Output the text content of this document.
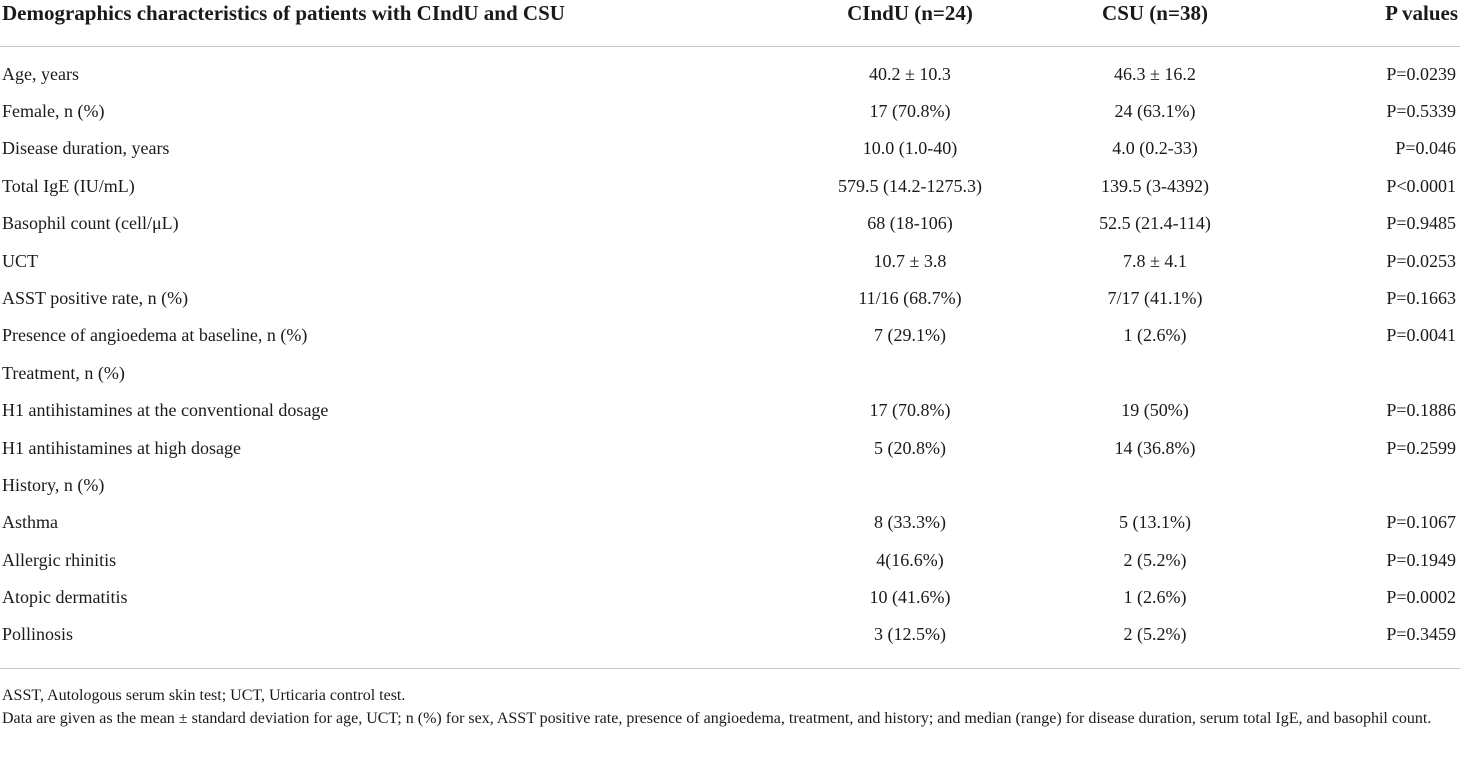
Demographics characteristics of patients with CIndU and CSU	CIndU (n=24)	CSU (n=38)	P values
Age, years	40.2 ± 10.3	46.3 ± 16.2	P=0.0239
Female, n (%)	17 (70.8%)	24 (63.1%)	P=0.5339
Disease duration, years	10.0 (1.0-40)	4.0 (0.2-33)	P=0.046
Total IgE (IU/mL)	579.5 (14.2-1275.3)	139.5 (3-4392)	P<0.0001
Basophil count (cell/μL)	68 (18-106)	52.5 (21.4-114)	P=0.9485
UCT	10.7 ± 3.8	7.8 ± 4.1	P=0.0253
ASST positive rate, n (%)	11/16 (68.7%)	7/17 (41.1%)	P=0.1663
Presence of angioedema at baseline, n (%)	7 (29.1%)	1 (2.6%)	P=0.0041
Treatment, n (%)			
H1 antihistamines at the conventional dosage	17 (70.8%)	19 (50%)	P=0.1886
H1 antihistamines at high dosage	5 (20.8%)	14 (36.8%)	P=0.2599
History, n (%)			
Asthma	8 (33.3%)	5 (13.1%)	P=0.1067
Allergic rhinitis	4(16.6%)	2 (5.2%)	P=0.1949
Atopic dermatitis	10 (41.6%)	1 (2.6%)	P=0.0002
Pollinosis	3 (12.5%)	2 (5.2%)	P=0.3459

ASST, Autologous serum skin test; UCT, Urticaria control test.

Data are given as the mean ± standard deviation for age, UCT; n (%) for sex, ASST positive rate, presence of angioedema, treatment, and history; and median (range) for disease duration, serum total IgE, and basophil count.
